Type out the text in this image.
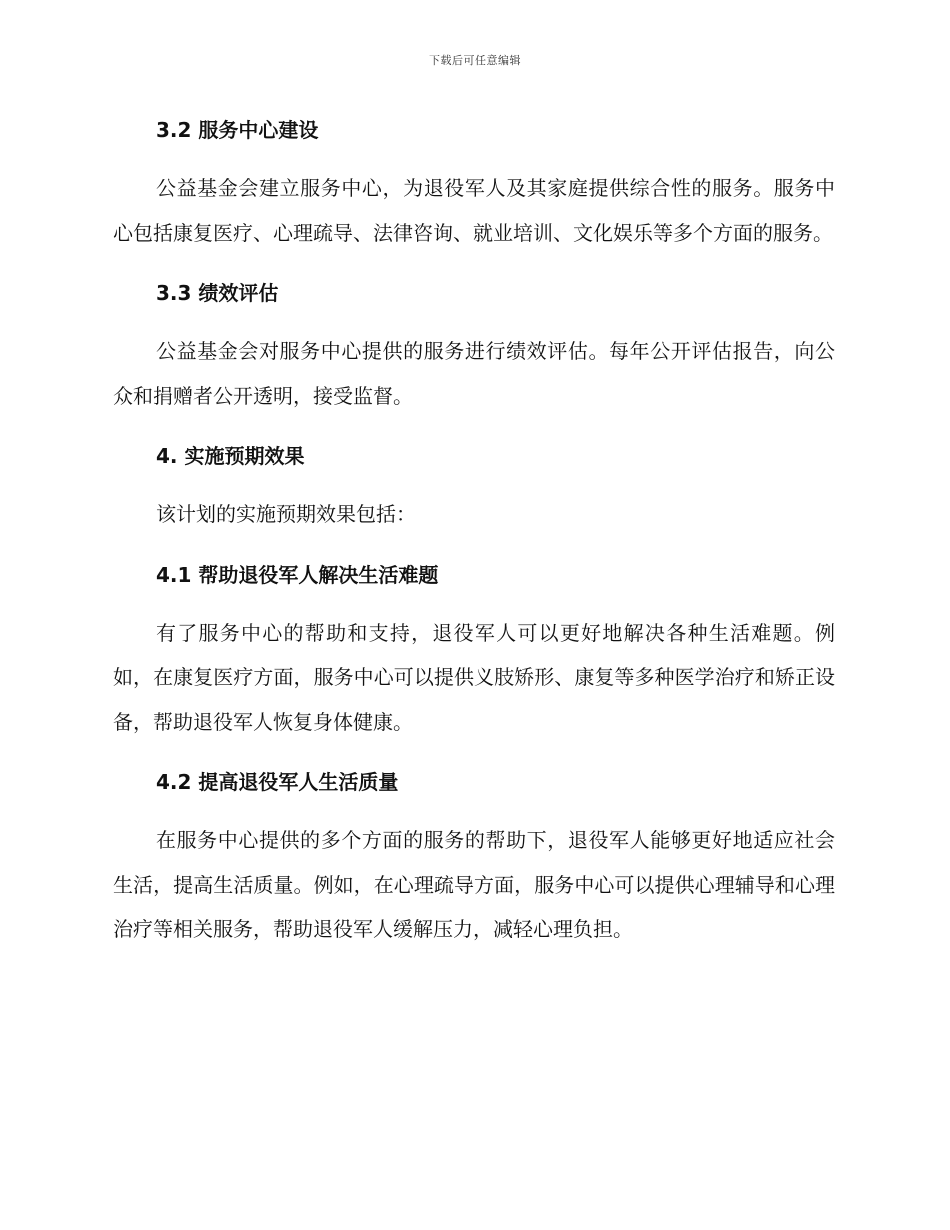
下载后可任意编辑
3.2 服务中心建设

公益基金会建立服务中心，为退役军人及其家庭提供综合性的服务。服务中心包括康复医疗、心理疏导、法律咨询、就业培训、文化娱乐等多个方面的服务。

3.3 绩效评估

公益基金会对服务中心提供的服务进行绩效评估。每年公开评估报告，向公众和捐赠者公开透明，接受监督。

4. 实施预期效果

该计划的实施预期效果包括：

4.1 帮助退役军人解决生活难题

有了服务中心的帮助和支持，退役军人可以更好地解决各种生活难题。例如，在康复医疗方面，服务中心可以提供义肢矫形、康复等多种医学治疗和矫正设备，帮助退役军人恢复身体健康。

4.2 提高退役军人生活质量

在服务中心提供的多个方面的服务的帮助下，退役军人能够更好地适应社会生活，提高生活质量。例如，在心理疏导方面，服务中心可以提供心理辅导和心理治疗等相关服务，帮助退役军人缓解压力，减轻心理负担。
